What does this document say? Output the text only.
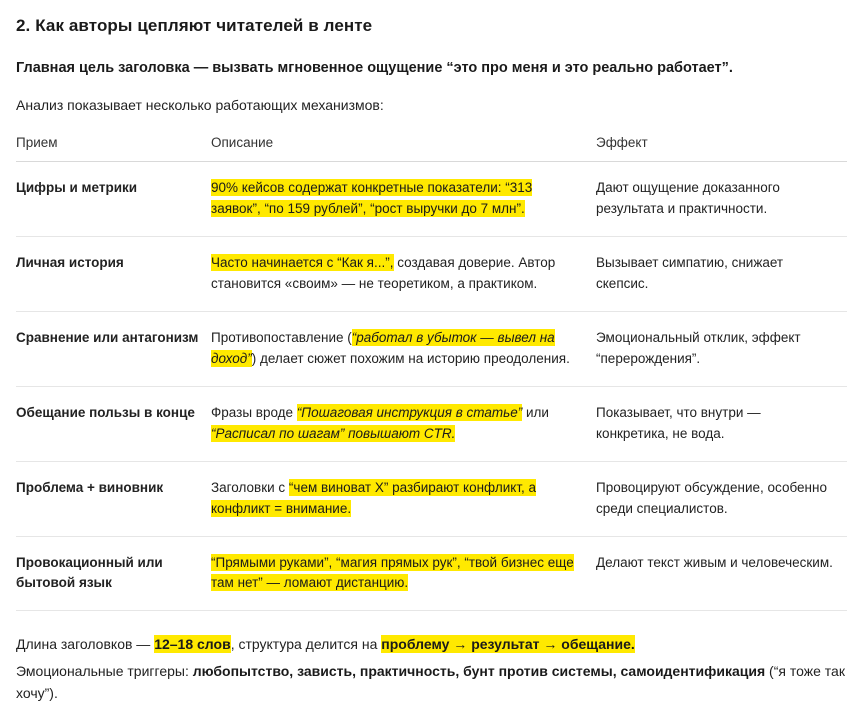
2. Как авторы цепляют читателей в ленте

Главная цель заголовка — вызвать мгновенное ощущение “это про меня и это реально работает”.

Анализ показывает несколько работающих механизмов:

Прием	Описание	Эффект
Цифры и метрики	90% кейсов содержат конкретные показатели: “313 заявок”, “по 159 рублей”, “рост выручки до 7 млн”.	Дают ощущение доказанного результата и практичности.
Личная история	Часто начинается с “Как я...”, создавая доверие. Автор становится «своим» — не теоретиком, а практиком.	Вызывает симпатию, снижает скепсис.
Сравнение или антагонизм	Противопоставление (“работал в убыток — вывел на доход”) делает сюжет похожим на историю преодоления.	Эмоциональный отклик, эффект “перерождения”.
Обещание пользы в конце	Фразы вроде “Пошаговая инструкция в статье” или “Расписал по шагам” повышают CTR.	Показывает, что внутри — конкретика, не вода.
Проблема + виновник	Заголовки с “чем виноват Х” разбирают конфликт, а конфликт = внимание.	Провоцируют обсуждение, особенно среди специалистов.
Провокационный или бытовой язык	“Прямыми руками”, “магия прямых рук”, “твой бизнес еще там нет” — ломают дистанцию.	Делают текст живым и человеческим.

Длина заголовков — 12–18 слов, структура делится на проблему → результат → обещание.

Эмоциональные триггеры: любопытство, зависть, практичность, бунт против системы, самоидентификация (“я тоже так хочу”).
